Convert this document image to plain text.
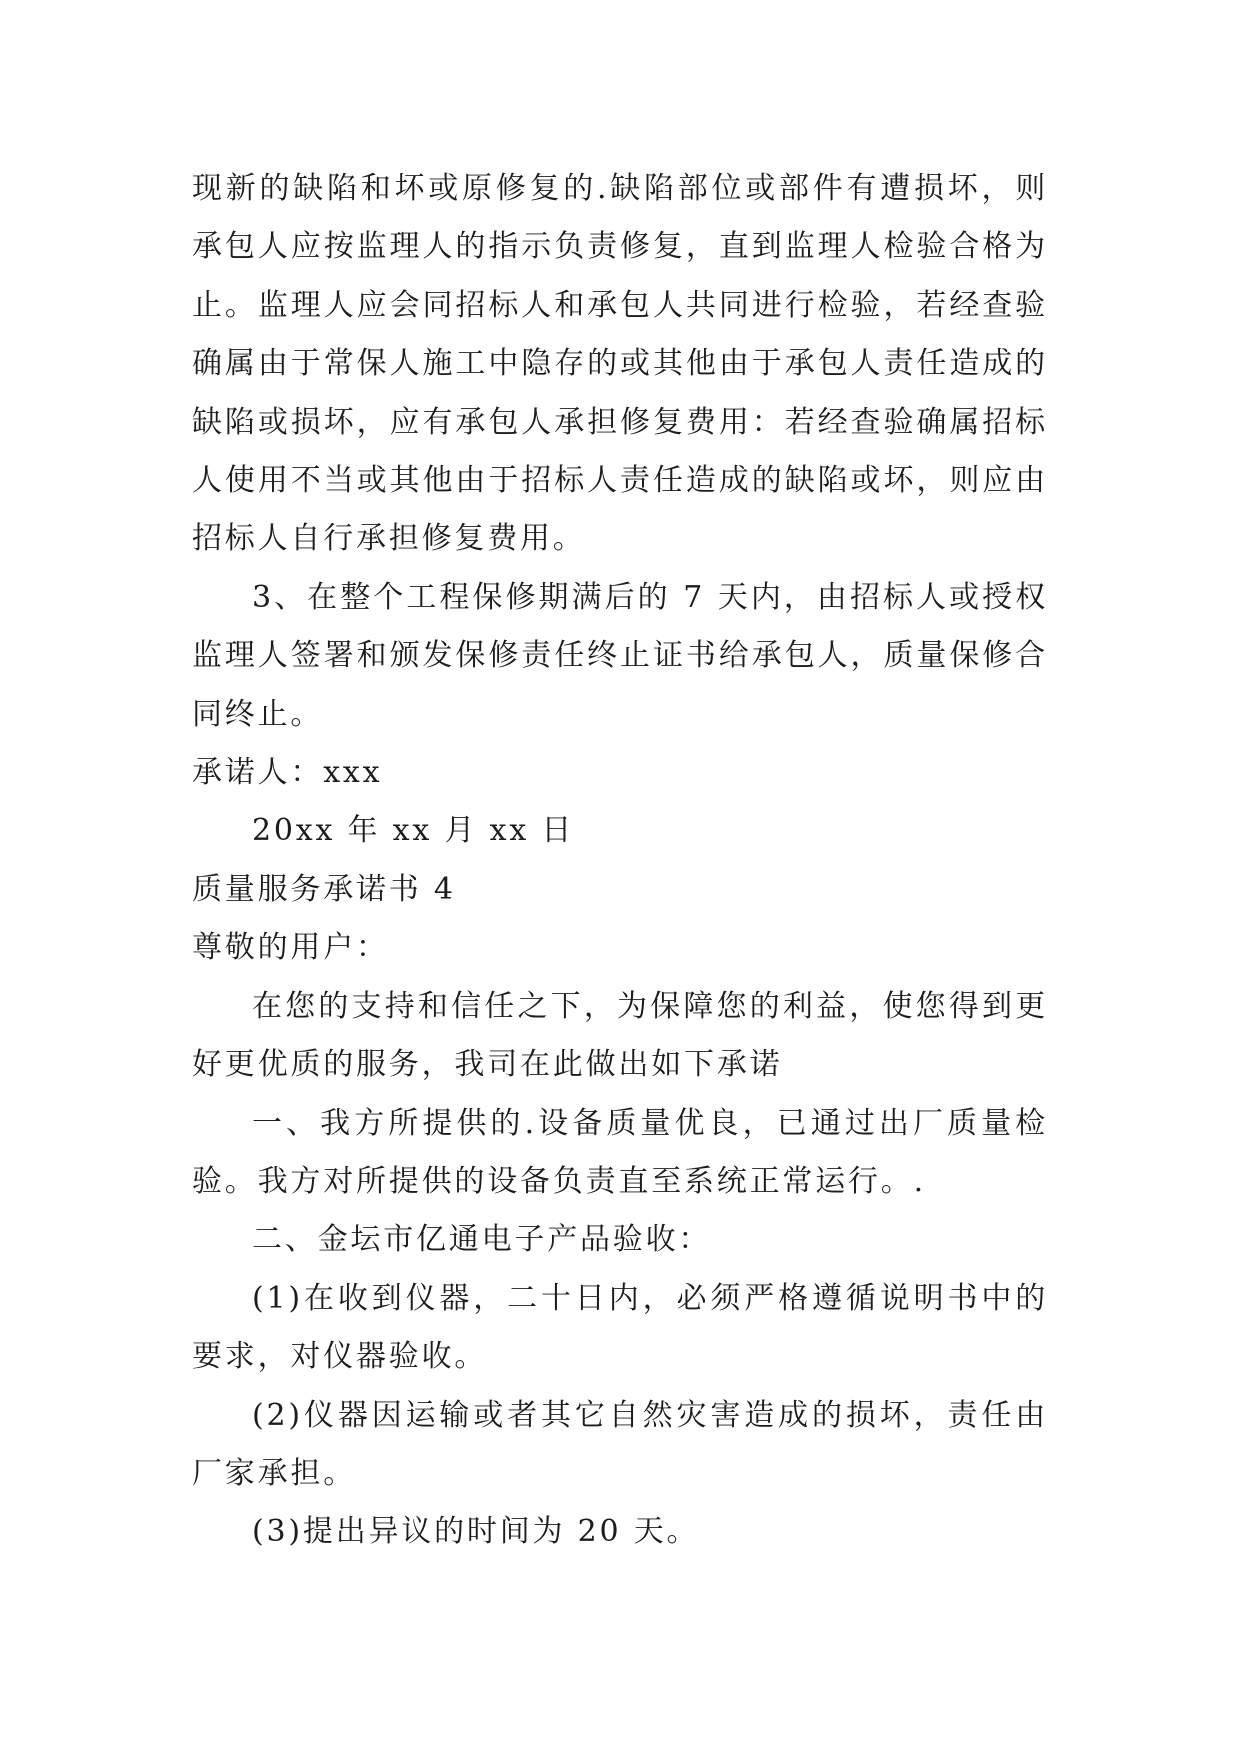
现新的缺陷和坏或原修复的.缺陷部位或部件有遭损坏，则承包人应按监理人的指示负责修复，直到监理人检验合格为止。监理人应会同招标人和承包人共同进行检验，若经查验确属由于常保人施工中隐存的或其他由于承包人责任造成的缺陷或损坏，应有承包人承担修复费用：若经查验确属招标人使用不当或其他由于招标人责任造成的缺陷或坏，则应由招标人自行承担修复费用。

3、在整个工程保修期满后的 7 天内，由招标人或授权监理人签署和颁发保修责任终止证书给承包人，质量保修合同终止。

承诺人：xxx

20xx 年 xx 月 xx 日

质量服务承诺书 4

尊敬的用户：

在您的支持和信任之下，为保障您的利益，使您得到更好更优质的服务，我司在此做出如下承诺

一、我方所提供的.设备质量优良，已通过出厂质量检验。我方对所提供的设备负责直至系统正常运行。.

二、金坛市亿通电子产品验收：

(1)在收到仪器，二十日内，必须严格遵循说明书中的要求，对仪器验收。

(2)仪器因运输或者其它自然灾害造成的损坏，责任由厂家承担。

(3)提出异议的时间为 20 天。
